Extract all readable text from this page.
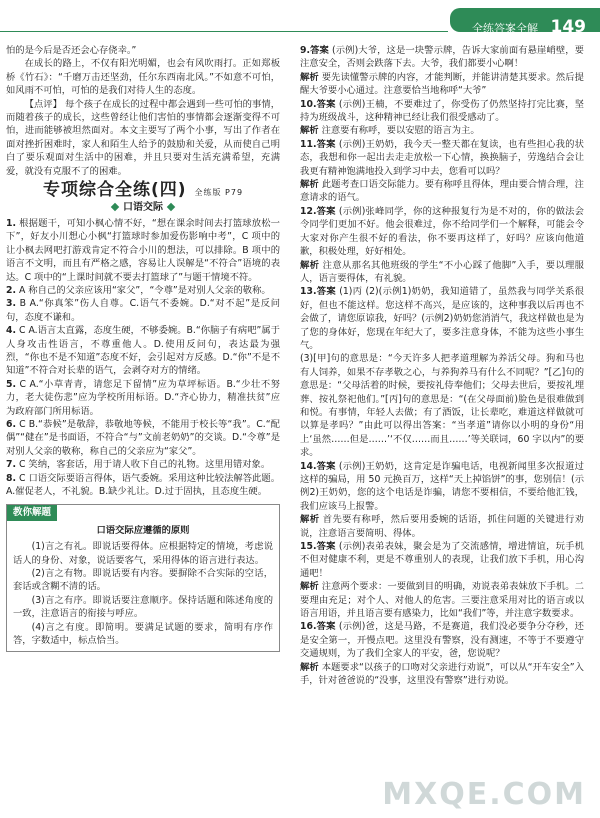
全练答案全解 149

怕的是今后是否还会心存侥幸。”

在成长的路上，不仅有阳光明媚，也会有风吹雨打。正如郑板桥《竹石》：“千磨万击还坚劲，任尔东西南北风。”不如意不可怕，如风雨不可怕，可怕的是我们对待人生的态度。

【点评】 每个孩子在成长的过程中都会遇到一些可怕的事情，而随着孩子的成长，这些曾经让他们害怕的事情都会逐渐变得不可怕，进而能够被坦然面对。本文主要写了两个小事，写出了作者在面对挫折困难时，家人和陌生人给予的鼓励和关爱，从而使自己明白了要乐观面对生活中的困难，并且只要对生活充满希望，充满爱，就没有克服不了的困难。

专项综合全练(四) 全练版 P79
口语交际

1. 根据题干，可知小枫心情不好，“想在课余时间去打篮球放松一下”，好友小川想心小枫“打篮球时参加爱伤影响中考”，C 项中的让小枫去网吧打游戏肯定不符合小川的想法，可以排除。B 项中的语言不文明，而且有严格之感，容易让人误解是“不符合”语境的表达。C 项中的“上课时间就不要去打篮球了”与题干情境不符。

2. A 称自己的父亲应该用“家父”，“令尊”是对别人父亲的敬称。

3. B A.“你真笨”伤人自尊。C.语气不委婉。D.“对不起”是反问句，态度不谦和。

4. C A.语言太直露，态度生硬，不够委婉。B.“你脑子有病吧”属于人身攻击性语言，不尊重他人。D.使用反问句，表达最为强烈，“你也不是不知道”态度不好，会引起对方反感。D.“你”不是不知道”不符合对长辈的语气，会剥夺对方的情绪。

5. C A.“小草青青，请您足下留情”应为草坪标语。B.“少壮不努力，老大徒伤悲”应为学校所用标语。D.“齐心协力，精准扶贫”应为政府部门所用标语。

6. C B.“恭候”是敬辞，恭敬地等候，不能用于校长等“我”。C.“配偶”“健在”是书面语，不符合“与”文前老奶奶”的交谈。D.“令尊”是对别人父亲的敬称，称自己的父亲应为“家父”。

7. C 笑纳，客套话，用于请人收下自己的礼物。这里用错对象。

8. C 口语交际要语言得体，语气委婉。采用这种比较法解答此题。A.催促老人，不礼貌。B.缺少礼让。D.过于固执，且态度生硬。

教你解题
口语交际应遵循的原则

(1)言之有礼。即说话要得体。应根据特定的情境，考虑说话人的身份、对象，说话要客气，采用得体的语言进行表达。

(2)言之有物。即说话要有内容。要摒除不合实际的空话，套话或含糊不清的话。

(3)言之有序。即说话要注意顺序。保持话题和陈述角度的一致，注意语言的衔接与呼应。

(4)言之有度。即简明。要满足试题的要求，简明有序作答，字数适中，标点恰当。

9.答案 (示例)大爷，这是一块警示牌，告诉大家前面有悬崖峭壁，要注意安全，否则会跌落下去。大爷，我们都要小心啊！

解析 要先读懂警示牌的内容，才能判断，并能讲清楚其要求。然后提醒大爷要小心通过。注意要恰当地称呼“大爷”

10.答案 (示例)王楠，不要难过了，你受伤了仍然坚持打完比赛，坚持为班级战斗，这种精神已经让我们很受感动了。

解析 注意要有称呼，要以安慰的语言为主。

11.答案 (示例)王奶奶，我今天一整天都在复读，也有些担心我的状态，我想和你一起出去走走放松一下心情，换换脑子，劳逸结合会让我更有精神饱满地投入到学习中去，您看可以吗？

解析 此题考查口语交际能力。要有称呼且得体，理由要合情合理，注意请求的语气。

12.答案 (示例)张峰同学，你的这种报复行为是不对的，你的做法会令同学们更加不好。他会很难过，你不给同学们一个解释，可能会令大家对你产生很不好的看法，你不要再这样了，好吗？应该向他道歉，积极处理，好好相处。

解析 注意从那名其他班级的学生“不小心踩了他脚”入手，要以理服人，语言要得体，有礼貌。

13.答案 (1)丙 (2)(示例1)奶奶，我知道错了，虽然我与同学关系很好，但也不能这样。您这样不高兴，是应该的，这种事我以后再也不会做了，请您原谅我，好吗？(示例2)奶奶您消消气，我这样做也是为了您的身体好，您现在年纪大了，要多注意身体，不能为这些小事生气。

(3)[甲]句的意思是：“今天许多人把孝道理解为养活父母。狗和马也有人饲养，如果不存孝敬之心，与养狗养马有什么不同呢？”[乙]句的意思是：“父母活着的时候，要按礼侍奉他们；父母去世后，要按礼埋葬、按礼祭祀他们。”[丙]句的意思是：“(在父母面前)脸色是很难做到和悦。有事情，年轻人去做；有了酒饭，让长辈吃，难道这样做就可以算是孝吗？”由此可以得出答案：“当孝道”请你以小明的身份“用上‘虽然……但是……’‘不仅……而且……’等关联词，60 字以内”的要求。

14.答案 (示例)王奶奶，这肯定是诈骗电话，电视新闻里多次报道过这样的骗局，用 50 元换百万，这样“天上掉馅饼”的事，您别信！(示例2)王奶奶，您的这个电话是诈骗，请您不要相信，不要给他汇钱，我们应该马上报警。

解析 首先要有称呼，然后要用委婉的话语，抓住问题的关键进行劝说，注意语言要简明、得体。

15.答案 (示例)表弟表妹，聚会是为了交流感情，增进情谊，玩手机不但对健康不利，更是不尊重别人的表现，让我们放下手机，用心沟通吧！

解析 注意两个要求：一要做到目的明确，劝说表弟表妹放下手机。二要理由充足；对个人、对他人的危害。三要注意采用对比的语言或以语言用语，并且语言要有感染力，比如“我们”等，并注意字数要求。

16.答案 (示例)爸，这是马路，不是赛道，我们没必要争分夺秒，还是安全第一，开慢点吧。这里没有警察，没有测速，不等于不要遵守交通规则，为了我们全家人的平安，爸，您说呢？

解析 本题要求“以孩子的口吻对父亲进行劝说”，可以从“开车安全”入手，针对爸爸说的“没事，这里没有警察”进行劝说。

MXQE.COM
